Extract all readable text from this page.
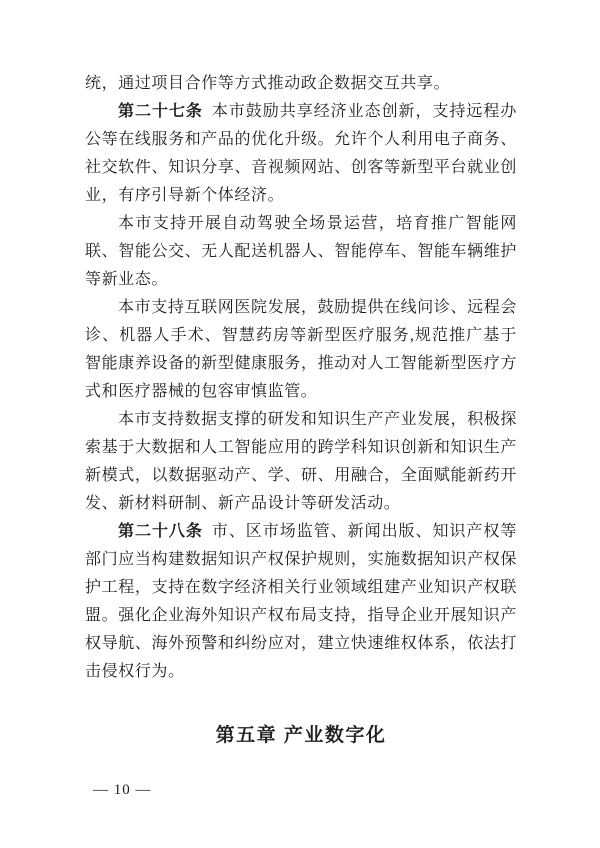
统，通过项目合作等方式推动政企数据交互共享。

第二十七条 本市鼓励共享经济业态创新，支持远程办公等在线服务和产品的优化升级。允许个人利用电子商务、社交软件、知识分享、音视频网站、创客等新型平台就业创业，有序引导新个体经济。

本市支持开展自动驾驶全场景运营，培育推广智能网联、智能公交、无人配送机器人、智能停车、智能车辆维护等新业态。

本市支持互联网医院发展，鼓励提供在线问诊、远程会诊、机器人手术、智慧药房等新型医疗服务,规范推广基于智能康养设备的新型健康服务，推动对人工智能新型医疗方式和医疗器械的包容审慎监管。

本市支持数据支撑的研发和知识生产产业发展，积极探索基于大数据和人工智能应用的跨学科知识创新和知识生产新模式，以数据驱动产、学、研、用融合，全面赋能新药开发、新材料研制、新产品设计等研发活动。

第二十八条 市、区市场监管、新闻出版、知识产权等部门应当构建数据知识产权保护规则，实施数据知识产权保护工程，支持在数字经济相关行业领域组建产业知识产权联盟。强化企业海外知识产权布局支持，指导企业开展知识产权导航、海外预警和纠纷应对，建立快速维权体系，依法打击侵权行为。

第五章 产业数字化
— 10 —
